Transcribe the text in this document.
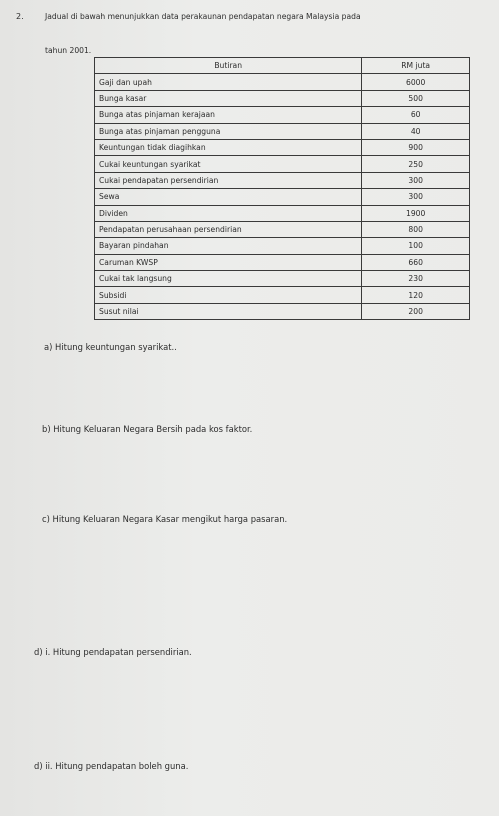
2.	Jadual di bawah menunjukkan data perakaunan pendapatan negara Malaysia pada
tahun 2001.
Butiran	RM juta
Gaji dan upah	6000
Bunga kasar	500
Bunga atas pinjaman kerajaan	60
Bunga atas pinjaman pengguna	40
Keuntungan tidak diagihkan	900
Cukai keuntungan syarikat	250
Cukai pendapatan persendirian	300
Sewa	300
Dividen	1900
Pendapatan perusahaan persendirian	800
Bayaran pindahan	100
Caruman KWSP	660
Cukai tak langsung	230
Subsidi	120
Susut nilai	200
a) Hitung keuntungan syarikat..
b) Hitung Keluaran Negara Bersih pada kos faktor.
c) Hitung Keluaran Negara Kasar mengikut harga pasaran.
d) i. Hitung pendapatan persendirian.
d) ii. Hitung pendapatan boleh guna.
